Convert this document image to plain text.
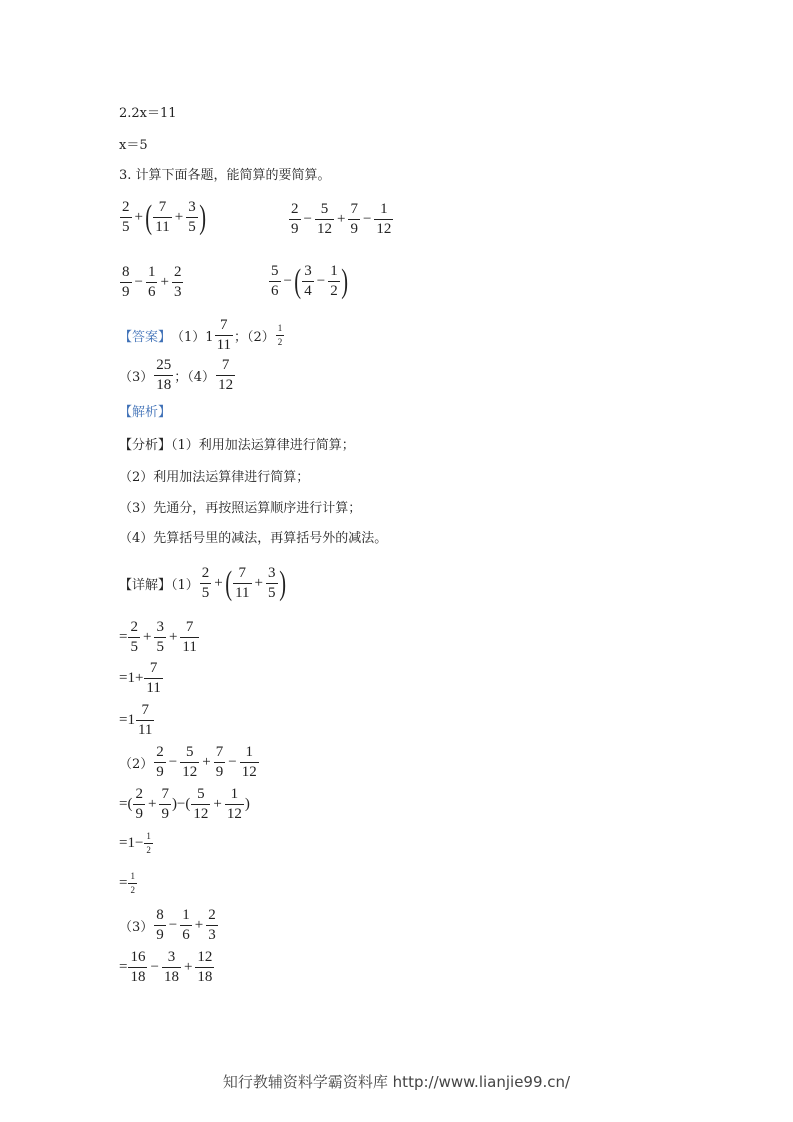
2.2x＝11
x＝5
3. 计算下面各题，能简算的要简算。
$\frac{2}{5}$ + ( $\frac{7}{11} + \frac{3}{5}$ )	$\frac{2}{9} - \frac{5}{12} + \frac{7}{9} - \frac{1}{12}$
$\frac{8}{9} - \frac{1}{6} + \frac{2}{3}$	$\frac{5}{6}$ − ( $\frac{3}{4} - \frac{1}{2}$ )
【答案】 $(1)1 \frac{7}{11}$ ；$(2) \frac{1}{2}$
$(3) \frac{25}{18}$ ；$(4) \frac{7}{12}$
【解析】
【分析】（1）利用加法运算律进行简算；
（2）利用加法运算律进行简算；
（3）先通分，再按照运算顺序进行计算；
（4）先算括号里的减法，再算括号外的减法。
【详解】$(1) \frac{2}{5}$ + ( $\frac{7}{11} + \frac{3}{5}$ )
= $\frac{2}{5} + \frac{3}{5} + \frac{7}{11}$
$=1+ \frac{7}{11}$
$=1 \frac{7}{11}$
$(2) \frac{2}{9} - \frac{5}{12} + \frac{7}{9} - \frac{1}{12}$
=( $\frac{2}{9} + \frac{7}{9}$ )−( $\frac{5}{12} + \frac{1}{12}$ )
$=1- \frac{1}{2}$
= $\frac{1}{2}$
$(3) \frac{8}{9} - \frac{1}{6} + \frac{2}{3}$
= $\frac{16}{18} - \frac{3}{18} + \frac{12}{18}$
知行教辅资料学霸资料库 http://www.lianjie99.cn/
